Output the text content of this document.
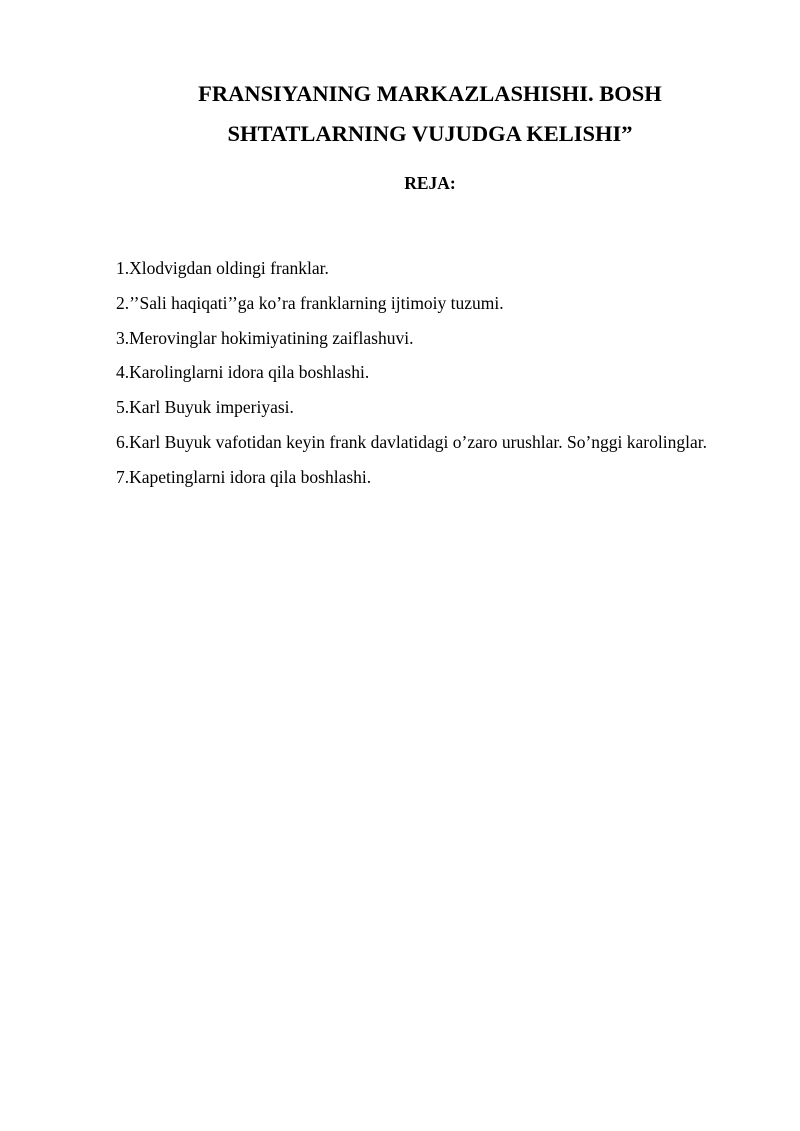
FRANSIYANING MARKAZLASHISHI. BOSH
SHTATLARNING VUJUDGA KELISHI”
REJA:
1.Xlodvigdan oldingi franklar.
2.’’Sali haqiqati’’ga ko’ra franklarning ijtimoiy tuzumi.
3.Merovinglar hokimiyatining zaiflashuvi.
4.Karolinglarni idora qila boshlashi.
5.Karl Buyuk imperiyasi.
6.Karl Buyuk vafotidan keyin frank davlatidagi o’zaro urushlar. So’nggi karolinglar.
7.Kapetinglarni idora qila boshlashi.
